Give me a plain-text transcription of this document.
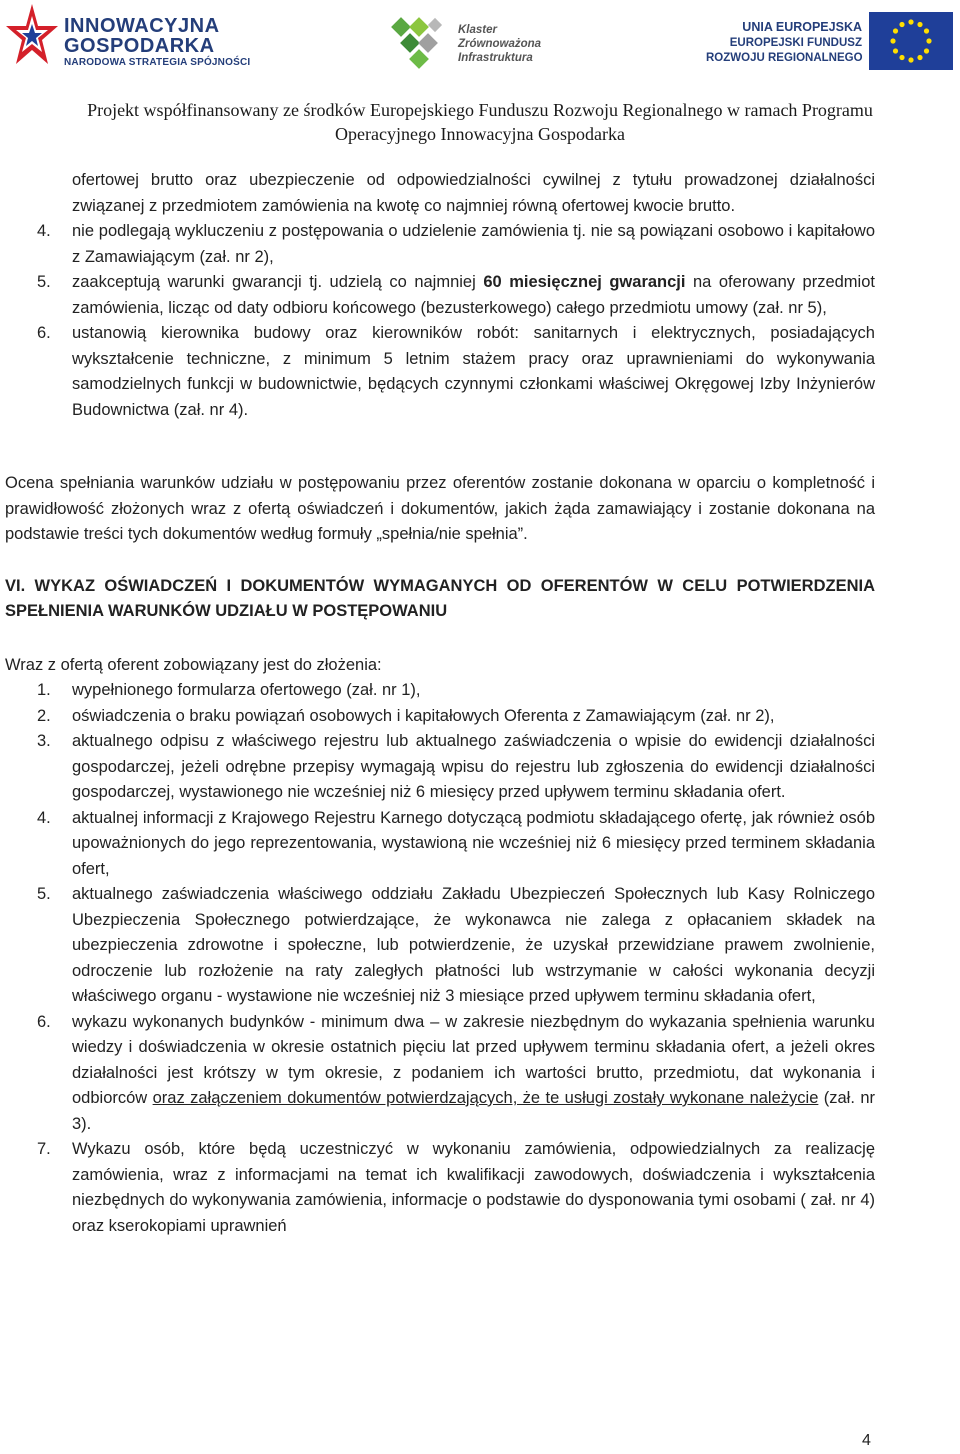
INNOWACYJNA
GOSPODARKA
NARODOWA STRATEGIA SPÓJNOŚCI
Klaster
Zrównoważona
Infrastruktura
UNIA EUROPEJSKA
EUROPEJSKI FUNDUSZ
ROZWOJU REGIONALNEGO
Projekt współfinansowany ze środków Europejskiego Funduszu Rozwoju Regionalnego w ramach Programu
Operacyjnego Innowacyjna Gospodarka

ofertowej brutto oraz ubezpieczenie od odpowiedzialności cywilnej z tytułu prowadzonej działalności związanej z przedmiotem zamówienia na kwotę co najmniej równą ofertowej kwocie brutto.

4.	nie podlegają wykluczeniu z postępowania o udzielenie zamówienia tj. nie są powiązani osobowo i kapitałowo z Zamawiającym (zał. nr 2),
5.	zaakceptują warunki gwarancji tj. udzielą co najmniej 60 miesięcznej gwarancji na oferowany przedmiot zamówienia, licząc od daty odbioru końcowego (bezusterkowego) całego przedmiotu umowy (zał. nr 5),
6.	ustanowią kierownika budowy oraz kierowników robót: sanitarnych i elektrycznych, posiadających wykształcenie techniczne, z minimum 5 letnim stażem pracy oraz uprawnieniami do wykonywania samodzielnych funkcji w budownictwie, będących czynnymi członkami właściwej Okręgowej Izby Inżynierów Budownictwa (zał. nr 4).

Ocena spełniania warunków udziału w postępowaniu przez oferentów zostanie dokonana w oparciu o kompletność i prawidłowość złożonych wraz z ofertą oświadczeń i dokumentów, jakich żąda zamawiający i zostanie dokonana na podstawie treści tych dokumentów według formuły „spełnia/nie spełnia”.

VI. WYKAZ OŚWIADCZEŃ I DOKUMENTÓW WYMAGANYCH OD OFERENTÓW W CELU POTWIERDZENIA SPEŁNIENIA WARUNKÓW UDZIAŁU W POSTĘPOWANIU

Wraz z ofertą oferent zobowiązany jest do złożenia:

1.	wypełnionego formularza ofertowego (zał. nr 1),
2.	oświadczenia o braku powiązań osobowych i kapitałowych Oferenta z Zamawiającym (zał. nr 2),
3.	aktualnego odpisu z właściwego rejestru lub aktualnego zaświadczenia o wpisie do ewidencji działalności gospodarczej, jeżeli odrębne przepisy wymagają wpisu do rejestru lub zgłoszenia do ewidencji działalności gospodarczej, wystawionego nie wcześniej niż 6 miesięcy przed upływem terminu składania ofert.
4.	aktualnej informacji z Krajowego Rejestru Karnego dotyczącą podmiotu składającego ofertę, jak również osób upoważnionych do jego reprezentowania, wystawioną nie wcześniej niż 6 miesięcy przed terminem składania ofert,
5.	aktualnego zaświadczenia właściwego oddziału Zakładu Ubezpieczeń Społecznych lub Kasy Rolniczego Ubezpieczenia Społecznego potwierdzające, że wykonawca nie zalega z opłacaniem składek na ubezpieczenia zdrowotne i społeczne, lub potwierdzenie, że uzyskał przewidziane prawem zwolnienie, odroczenie lub rozłożenie na raty zaległych płatności lub wstrzymanie w całości wykonania decyzji właściwego organu - wystawione nie wcześniej niż 3 miesiące przed upływem terminu składania ofert,
6.	wykazu wykonanych budynków - minimum dwa – w zakresie niezbędnym do wykazania spełnienia warunku wiedzy i doświadczenia w okresie ostatnich pięciu lat przed upływem terminu składania ofert, a jeżeli okres działalności jest krótszy w tym okresie, z podaniem ich wartości brutto, przedmiotu, dat wykonania i odbiorców oraz załączeniem dokumentów potwierdzających, że te usługi zostały wykonane należycie (zał. nr 3).
7.	Wykazu osób, które będą uczestniczyć w wykonaniu zamówienia, odpowiedzialnych za realizację zamówienia, wraz z informacjami na temat ich kwalifikacji zawodowych, doświadczenia i wykształcenia niezbędnych do wykonywania zamówienia, informacje o podstawie do dysponowania tymi osobami ( zał. nr 4) oraz kserokopiami uprawnień
4
